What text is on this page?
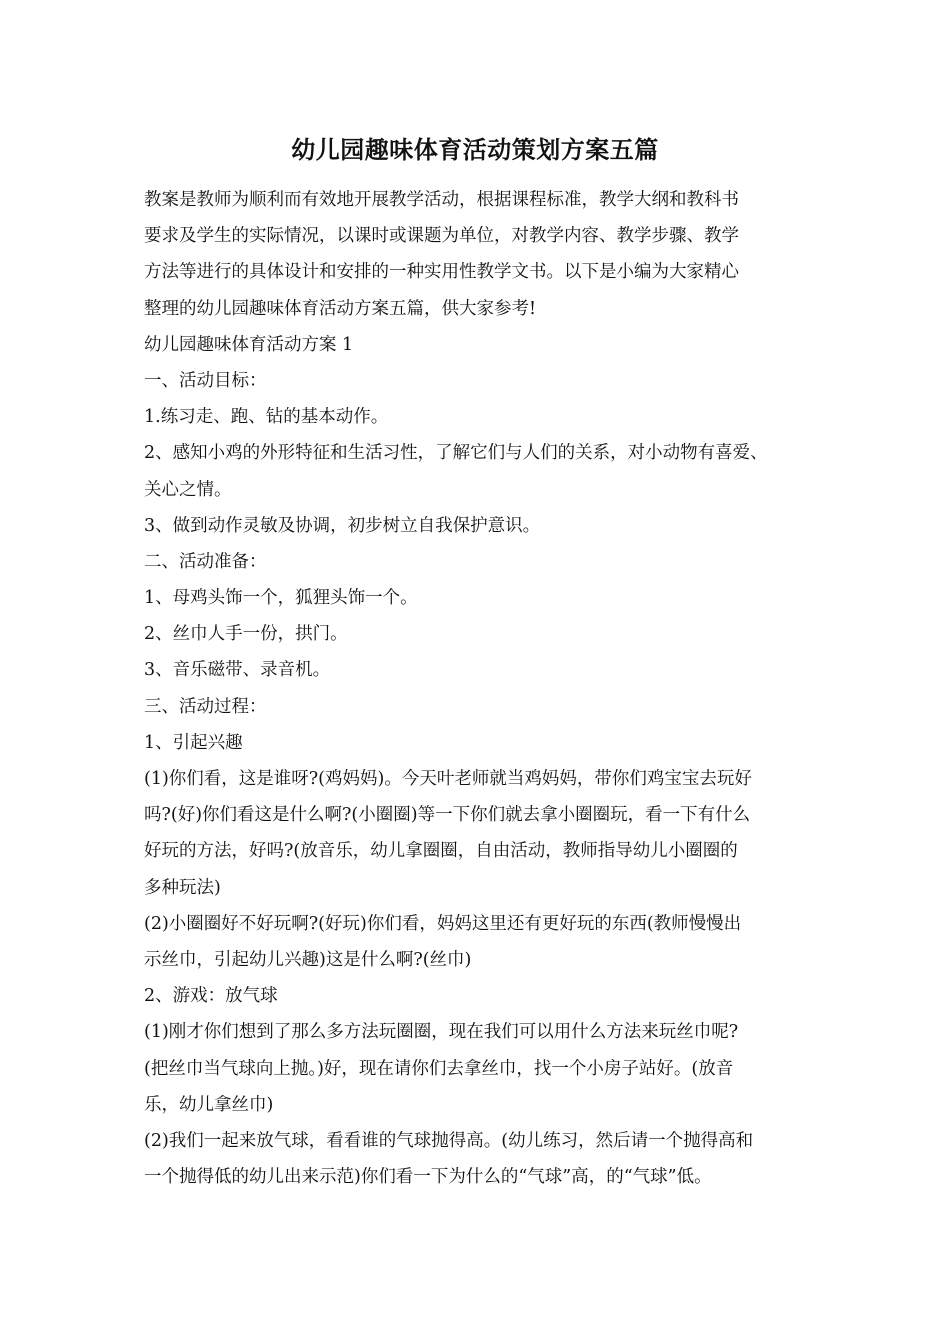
幼儿园趣味体育活动策划方案五篇
教案是教师为顺利而有效地开展教学活动，根据课程标准，教学大纲和教科书
要求及学生的实际情况，以课时或课题为单位，对教学内容、教学步骤、教学
方法等进行的具体设计和安排的一种实用性教学文书。以下是小编为大家精心
整理的幼儿园趣味体育活动方案五篇，供大家参考!
幼儿园趣味体育活动方案 1
一、活动目标：
1.练习走、跑、钻的基本动作。
2、感知小鸡的外形特征和生活习性，了解它们与人们的关系，对小动物有喜爱、
关心之情。
3、做到动作灵敏及协调，初步树立自我保护意识。
二、活动准备：
1、母鸡头饰一个，狐狸头饰一个。
2、丝巾人手一份，拱门。
3、音乐磁带、录音机。
三、活动过程：
1、引起兴趣
(1)你们看，这是谁呀?(鸡妈妈)。今天叶老师就当鸡妈妈，带你们鸡宝宝去玩好
吗?(好)你们看这是什么啊?(小圈圈)等一下你们就去拿小圈圈玩，看一下有什么
好玩的方法，好吗?(放音乐，幼儿拿圈圈，自由活动，教师指导幼儿小圈圈的
多种玩法)
(2)小圈圈好不好玩啊?(好玩)你们看，妈妈这里还有更好玩的东西(教师慢慢出
示丝巾，引起幼儿兴趣)这是什么啊?(丝巾)
2、游戏：放气球
(1)刚才你们想到了那么多方法玩圈圈，现在我们可以用什么方法来玩丝巾呢?
(把丝巾当气球向上抛。)好，现在请你们去拿丝巾，找一个小房子站好。(放音
乐，幼儿拿丝巾)
(2)我们一起来放气球，看看谁的气球抛得高。(幼儿练习，然后请一个抛得高和
一个抛得低的幼儿出来示范)你们看一下为什么的“气球”高，的“气球”低。
